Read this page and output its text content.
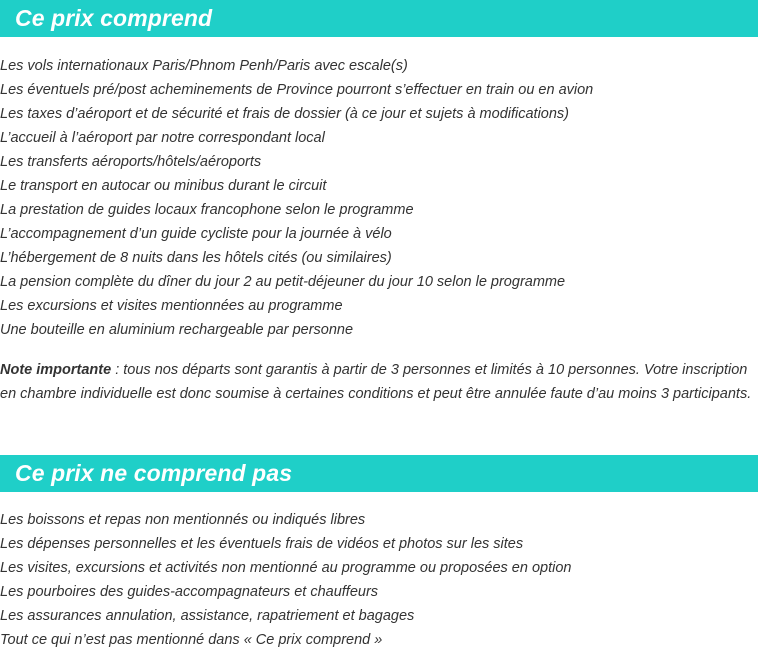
Ce prix comprend
Les vols internationaux Paris/Phnom Penh/Paris avec escale(s)
Les éventuels pré/post acheminements de Province pourront s’effectuer en train ou en avion
Les taxes d’aéroport et de sécurité et frais de dossier (à ce jour et sujets à modifications)
L’accueil à l’aéroport par notre correspondant local
Les transferts aéroports/hôtels/aéroports
Le transport en autocar ou minibus durant le circuit
La prestation de guides locaux francophone selon le programme
L’accompagnement d’un guide cycliste pour la journée à vélo
L’hébergement de 8 nuits dans les hôtels cités (ou similaires)
La pension complète du dîner du jour 2 au petit-déjeuner du jour 10 selon le programme
Les excursions et visites mentionnées au programme
Une bouteille en aluminium rechargeable par personne

Note importante : tous nos départs sont garantis à partir de 3 personnes et limités à 10 personnes. Votre inscription en chambre individuelle est donc soumise à certaines conditions et peut être annulée faute d’au moins 3 participants.

Ce prix ne comprend pas
Les boissons et repas non mentionnés ou indiqués libres
Les dépenses personnelles et les éventuels frais de vidéos et photos sur les sites
Les visites, excursions et activités non mentionné au programme ou proposées en option
Les pourboires des guides-accompagnateurs et chauffeurs
Les assurances annulation, assistance, rapatriement et bagages
Tout ce qui n’est pas mentionné dans « Ce prix comprend »
